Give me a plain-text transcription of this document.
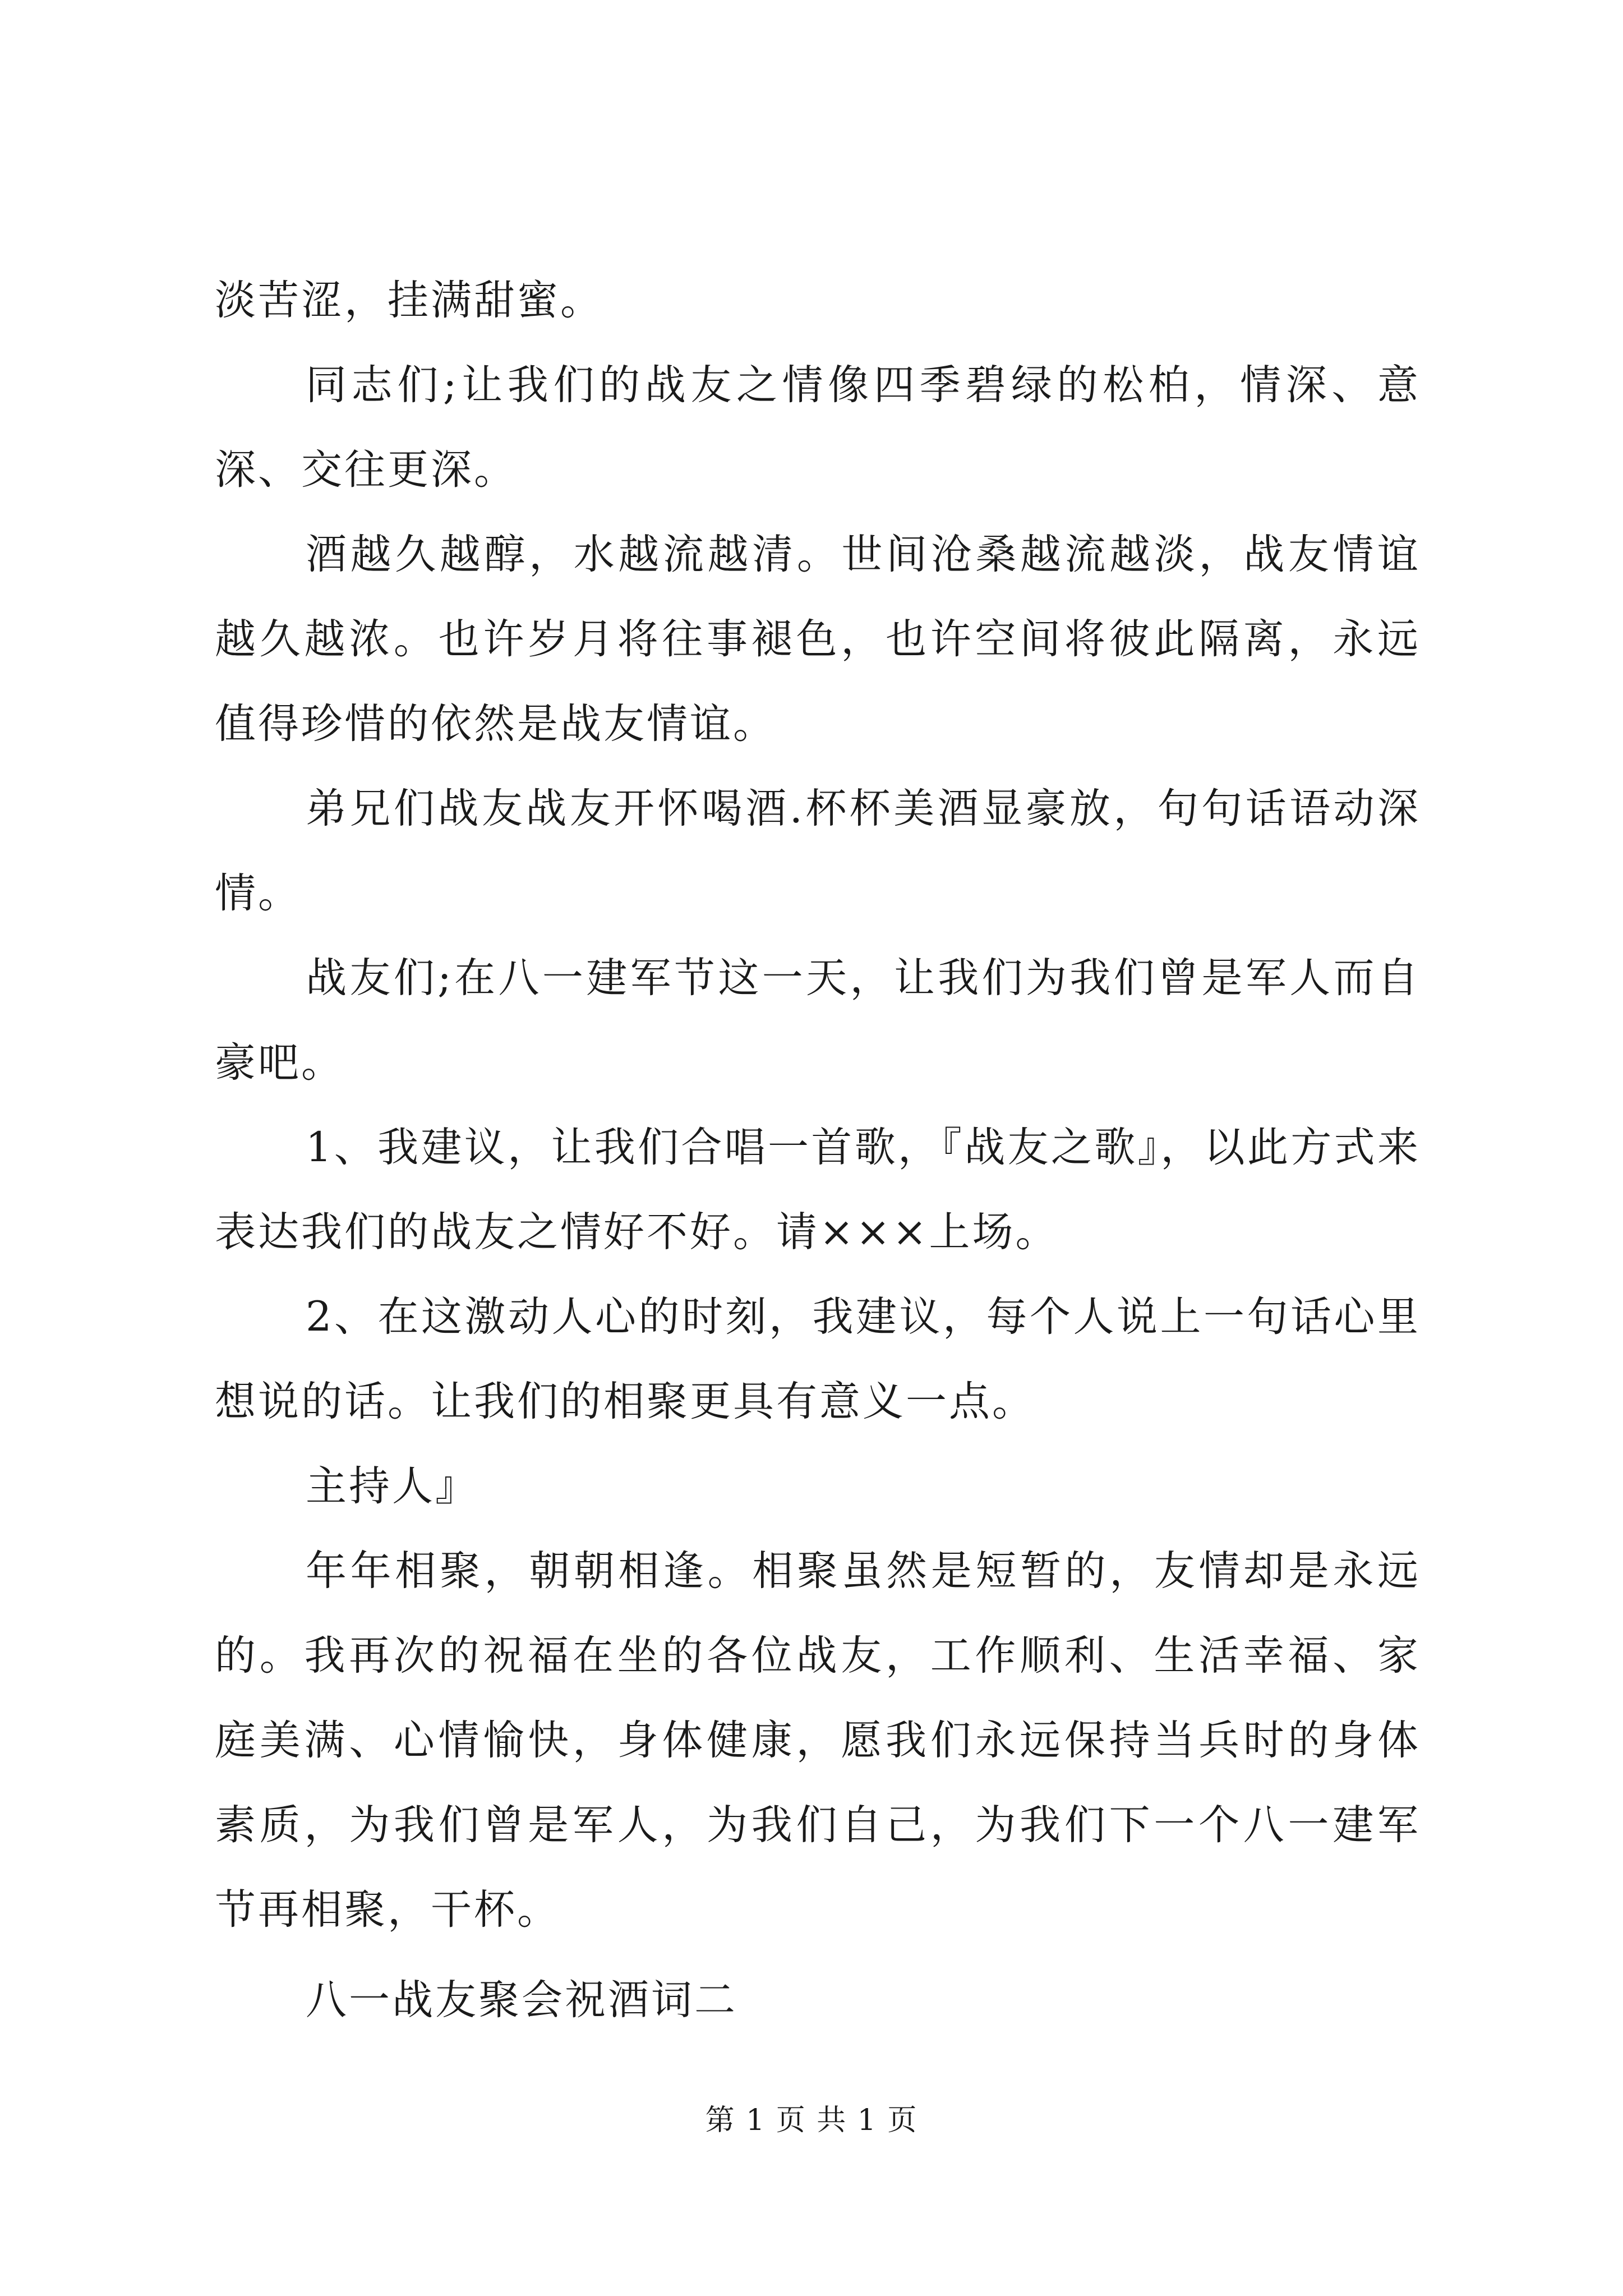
淡苦涩，挂满甜蜜。

同志们;让我们的战友之情像四季碧绿的松柏，情深、意深、交往更深。

酒越久越醇，水越流越清。世间沧桑越流越淡，战友情谊越久越浓。也许岁月将往事褪色，也许空间将彼此隔离，永远值得珍惜的依然是战友情谊。

弟兄们战友战友开怀喝酒.杯杯美酒显豪放，句句话语动深情。

战友们;在八一建军节这一天，让我们为我们曾是军人而自豪吧。

1、我建议，让我们合唱一首歌，『战友之歌』，以此方式来表达我们的战友之情好不好。请×××上场。

2、在这激动人心的时刻，我建议，每个人说上一句话心里想说的话。让我们的相聚更具有意义一点。

主持人』

年年相聚，朝朝相逢。相聚虽然是短暂的，友情却是永远的。我再次的祝福在坐的各位战友，工作顺利、生活幸福、家庭美满、心情愉快，身体健康，愿我们永远保持当兵时的身体素质，为我们曾是军人，为我们自己，为我们下一个八一建军节再相聚，干杯。

八一战友聚会祝酒词二

第 1 页 共 1 页
